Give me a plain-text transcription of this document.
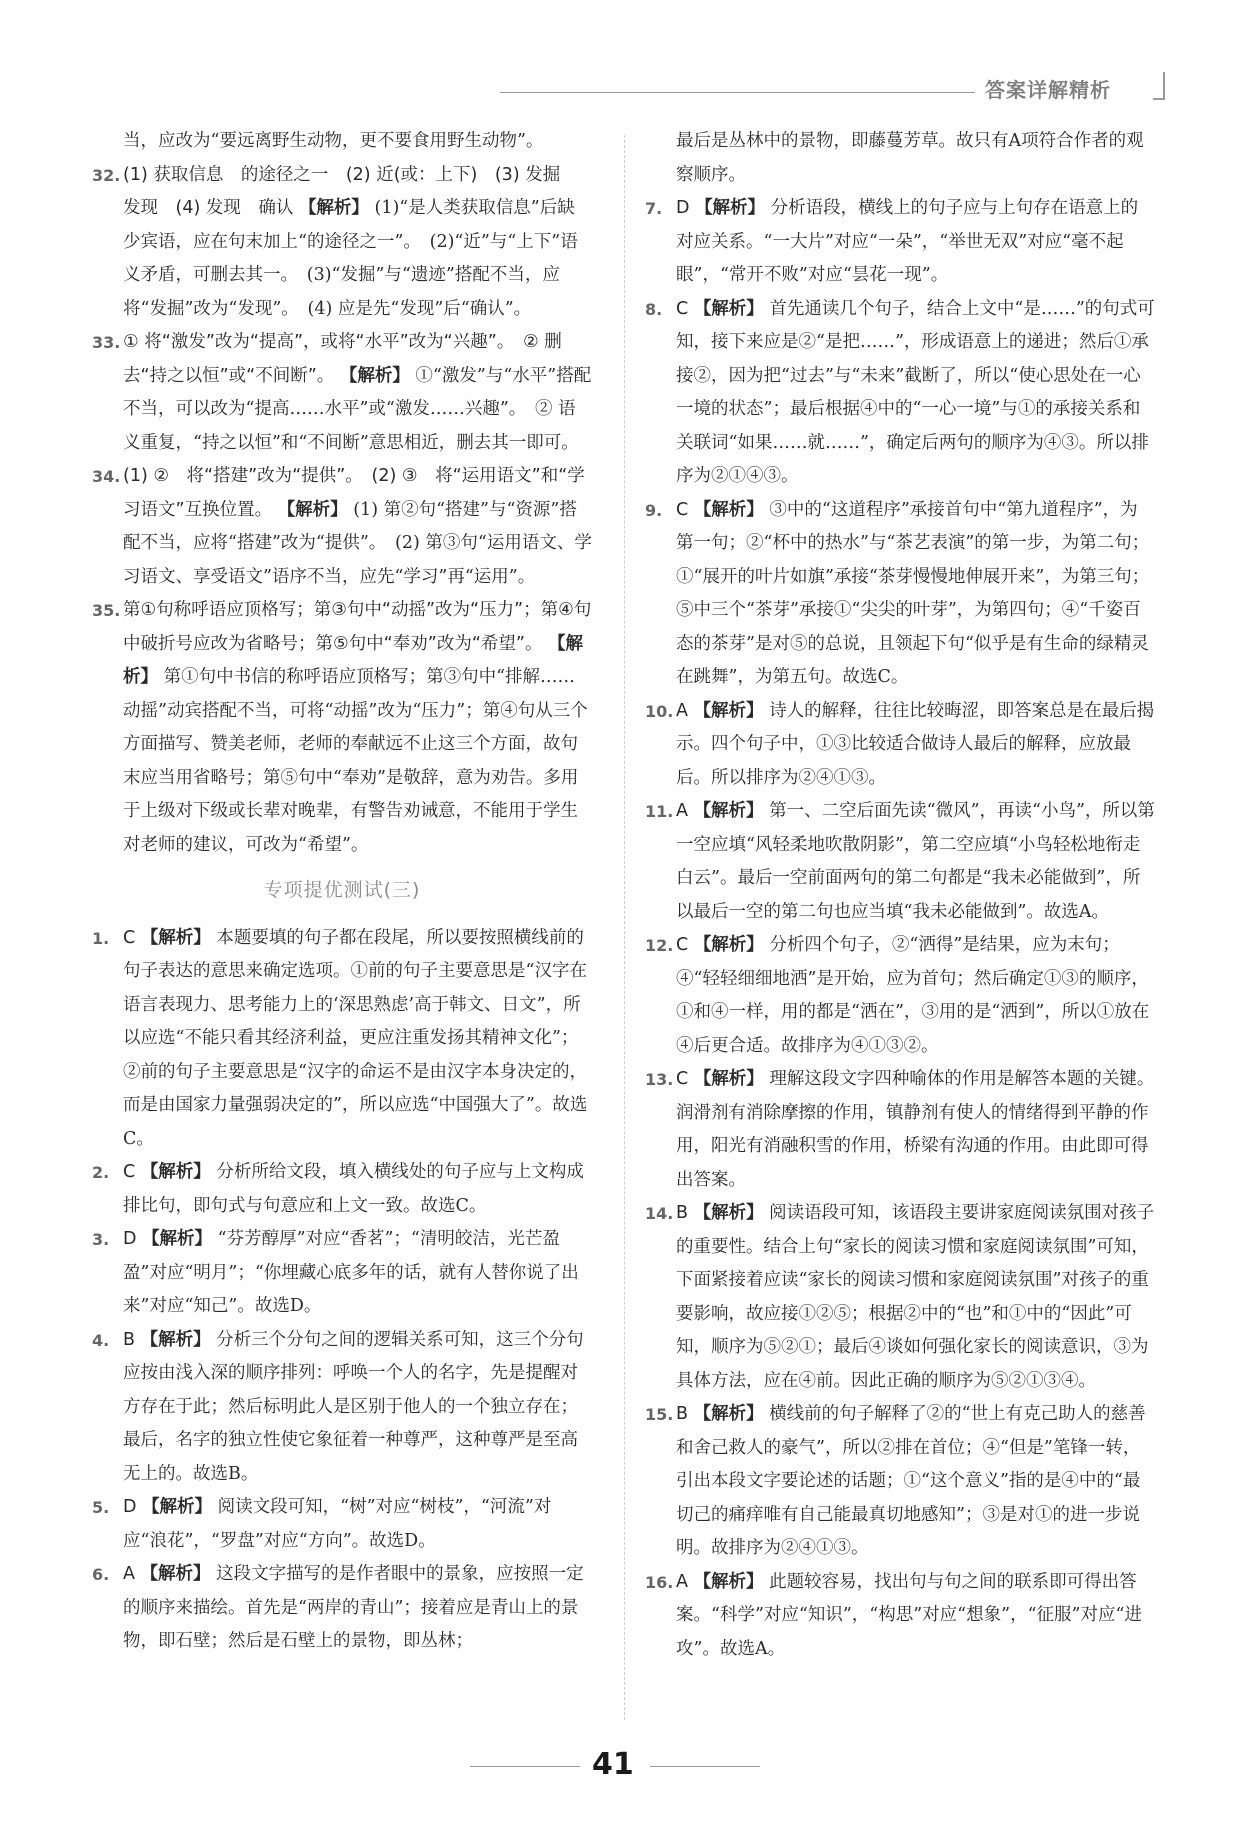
答案详解精析
当，应改为“要远离野生动物，更不要食用野生动物”。
32. (1) 获取信息　的途径之一　(2) 近(或：上下)　(3) 发掘　发现　(4) 发现　确认 【解析】 (1)“是人类获取信息”后缺少宾语，应在句末加上“的途径之一”。　(2)“近”与“上下”语义矛盾，可删去其一。　(3)“发掘”与“遗迹”搭配不当，应将“发掘”改为“发现”。　(4) 应是先“发现”后“确认”。
33. ① 将“激发”改为“提高”，或将“水平”改为“兴趣”。　② 删去“持之以恒”或“不间断”。 【解析】 ①“激发”与“水平”搭配不当，可以改为“提高……水平”或“激发……兴趣”。　② 语义重复，“持之以恒”和“不间断”意思相近，删去其一即可。
34. (1) ②　将“搭建”改为“提供”。　(2) ③　将“运用语文”和“学习语文”互换位置。 【解析】 (1) 第②句“搭建”与“资源”搭配不当，应将“搭建”改为“提供”。　(2) 第③句“运用语文、学习语文、享受语文”语序不当，应先“学习”再“运用”。
35. 第①句称呼语应顶格写；第③句中“动摇”改为“压力”；第④句中破折号应改为省略号；第⑤句中“奉劝”改为“希望”。 【解析】 第①句中书信的称呼语应顶格写；第③句中“排解……动摇”动宾搭配不当，可将“动摇”改为“压力”；第④句从三个方面描写、赞美老师，老师的奉献远不止这三个方面，故句末应当用省略号；第⑤句中“奉劝”是敬辞，意为劝告。多用于上级对下级或长辈对晚辈，有警告劝诫意，不能用于学生对老师的建议，可改为“希望”。
专项提优测试(三)
1. C 【解析】 本题要填的句子都在段尾，所以要按照横线前的句子表达的意思来确定选项。①前的句子主要意思是“汉字在语言表现力、思考能力上的‘深思熟虑’高于韩文、日文”，所以应选“不能只看其经济利益，更应注重发扬其精神文化”；②前的句子主要意思是“汉字的命运不是由汉字本身决定的，而是由国家力量强弱决定的”，所以应选“中国强大了”。故选C。
2. C 【解析】 分析所给文段，填入横线处的句子应与上文构成排比句，即句式与句意应和上文一致。故选C。
3. D 【解析】 “芬芳醇厚”对应“香茗”；“清明皎洁，光芒盈盈”对应“明月”；“你埋藏心底多年的话，就有人替你说了出来”对应“知己”。故选D。
4. B 【解析】 分析三个分句之间的逻辑关系可知，这三个分句应按由浅入深的顺序排列：呼唤一个人的名字，先是提醒对方存在于此；然后标明此人是区别于他人的一个独立存在；最后，名字的独立性使它象征着一种尊严，这种尊严是至高无上的。故选B。
5. D 【解析】 阅读文段可知，“树”对应“树枝”，“河流”对应“浪花”，“罗盘”对应“方向”。故选D。
6. A 【解析】 这段文字描写的是作者眼中的景象，应按照一定的顺序来描绘。首先是“两岸的青山”；接着应是青山上的景物，即石壁；然后是石壁上的景物，即丛林；
最后是丛林中的景物，即藤蔓芳草。故只有A项符合作者的观察顺序。
7. D 【解析】 分析语段，横线上的句子应与上句存在语意上的对应关系。“一大片”对应“一朵”，“举世无双”对应“毫不起眼”，“常开不败”对应“昙花一现”。
8. C 【解析】 首先通读几个句子，结合上文中“是……”的句式可知，接下来应是②“是把……”，形成语意上的递进；然后①承接②，因为把“过去”与“未来”截断了，所以“使心思处在一心一境的状态”；最后根据④中的“一心一境”与①的承接关系和关联词“如果……就……”，确定后两句的顺序为④③。所以排序为②①④③。
9. C 【解析】 ③中的“这道程序”承接首句中“第九道程序”，为第一句；②“杯中的热水”与“茶艺表演”的第一步，为第二句；①“展开的叶片如旗”承接“茶芽慢慢地伸展开来”，为第三句；⑤中三个“茶芽”承接①“尖尖的叶芽”，为第四句；④“千姿百态的茶芽”是对⑤的总说，且领起下句“似乎是有生命的绿精灵在跳舞”，为第五句。故选C。
10. A 【解析】 诗人的解释，往往比较晦涩，即答案总是在最后揭示。四个句子中，①③比较适合做诗人最后的解释，应放最后。所以排序为②④①③。
11. A 【解析】 第一、二空后面先读“微风”，再读“小鸟”，所以第一空应填“风轻柔地吹散阴影”，第二空应填“小鸟轻松地衔走白云”。最后一空前面两句的第二句都是“我未必能做到”，所以最后一空的第二句也应当填“我未必能做到”。故选A。
12. C 【解析】 分析四个句子，②“洒得”是结果，应为末句；④“轻轻细细地洒”是开始，应为首句；然后确定①③的顺序，①和④一样，用的都是“洒在”，③用的是“洒到”，所以①放在④后更合适。故排序为④①③②。
13. C 【解析】 理解这段文字四种喻体的作用是解答本题的关键。润滑剂有消除摩擦的作用，镇静剂有使人的情绪得到平静的作用，阳光有消融积雪的作用，桥梁有沟通的作用。由此即可得出答案。
14. B 【解析】 阅读语段可知，该语段主要讲家庭阅读氛围对孩子的重要性。结合上句“家长的阅读习惯和家庭阅读氛围”可知，下面紧接着应读“家长的阅读习惯和家庭阅读氛围”对孩子的重要影响，故应接①②⑤；根据②中的“也”和①中的“因此”可知，顺序为⑤②①；最后④谈如何强化家长的阅读意识，③为具体方法，应在④前。因此正确的顺序为⑤②①③④。
15. B 【解析】 横线前的句子解释了②的“世上有克己助人的慈善和舍己救人的豪气”，所以②排在首位；④“但是”笔锋一转，引出本段文字要论述的话题；①“这个意义”指的是④中的“最切己的痛痒唯有自己能最真切地感知”；③是对①的进一步说明。故排序为②④①③。
16. A 【解析】 此题较容易，找出句与句之间的联系即可得出答案。“科学”对应“知识”，“构思”对应“想象”，“征服”对应“进攻”。故选A。
41
